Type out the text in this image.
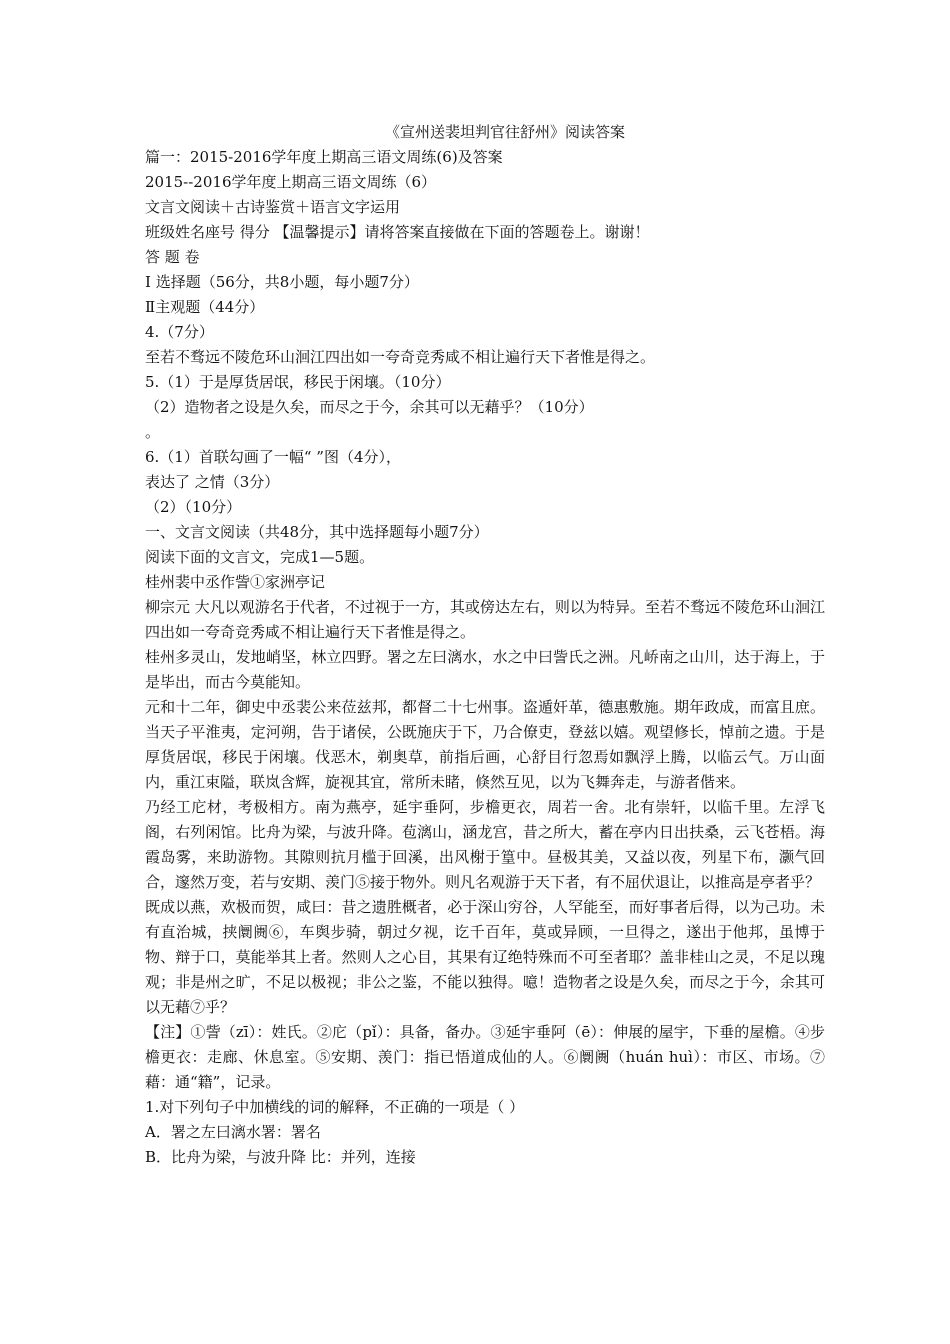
《宣州送裴坦判官往舒州》阅读答案
篇一：2015-2016学年度上期高三语文周练(6)及答案
2015--2016学年度上期高三语文周练（6）
文言文阅读＋古诗鉴赏＋语言文字运用
班级姓名座号 得分 【温馨提示】请将答案直接做在下面的答题卷上。谢谢！
答 题 卷
Ⅰ 选择题（56分，共8小题，每小题7分）
Ⅱ主观题（44分）
4.（7分）
至若不骛远不陵危环山洄江四出如一夸奇竞秀咸不相让遍行天下者惟是得之。
5.（1）于是厚货居氓，移民于闲壤。（10分）
（2）造物者之设是久矣，而尽之于今，余其可以无藉乎？（10分）
。
6.（1）首联勾画了一幅“ ”图（4分），
表达了 之情（3分）
（2）（10分）
一、文言文阅读（共48分，其中选择题每小题7分）
阅读下面的文言文，完成1—5题。
桂州裴中丞作訾①家洲亭记

柳宗元 大凡以观游名于代者，不过视于一方，其或傍达左右，则以为特异。至若不骛远不陵危环山洄江四出如一夸奇竞秀咸不相让遍行天下者惟是得之。

桂州多灵山，发地峭坚，林立四野。署之左曰漓水，水之中曰訾氏之洲。凡峤南之山川，达于海上，于是毕出，而古今莫能知。

元和十二年，御史中丞裴公来莅兹邦，都督二十七州事。盗遁奸革，德惠敷施。期年政成，而富且庶。当天子平淮夷，定河朔，告于诸侯，公既施庆于下，乃合僚吏，登兹以嬉。观望修长，悼前之遗。于是厚货居氓，移民于闲壤。伐恶木，剃奥草，前指后画，心舒目行忽焉如飘浮上腾，以临云气。万山面内，重江束隘，联岚含辉，旋视其宜，常所未睹，倏然互见，以为飞舞奔走，与游者偕来。

乃经工庀材，考极相方。南为燕亭，延宇垂阿，步檐更衣，周若一舍。北有崇轩，以临千里。左浮飞阁，右列闲馆。比舟为梁，与波升降。苞漓山，涵龙宫，昔之所大，蓄在亭内日出扶桑，云飞苍梧。海霞岛雾，来助游物。其隙则抗月槛于回溪，出风榭于篁中。昼极其美，又益以夜，列星下布，灏气回合，邃然万变，若与安期、羡门⑤接于物外。则凡名观游于天下者，有不屈伏退让，以推高是亭者乎？

既成以燕，欢极而贺，咸曰：昔之遗胜概者，必于深山穷谷，人罕能至，而好事者后得，以为己功。未有直治城，挟阛阓⑥，车舆步骑，朝过夕视，讫千百年，莫或异顾，一旦得之，遂出于他邦，虽博于物、辩于口，莫能举其上者。然则人之心目，其果有辽绝特殊而不可至者耶？盖非桂山之灵，不足以瑰观；非是州之旷，不足以极视；非公之鉴，不能以独得。噫！造物者之设是久矣，而尽之于今，余其可以无藉⑦乎？

【注】①訾（zī）：姓氏。②庀（pǐ）：具备，备办。③延宇垂阿（ē）：伸展的屋宇，下垂的屋檐。④步檐更衣：走廊、休息室。⑤安期、羡门：指已悟道成仙的人。⑥阛阓（huán huì）：市区、市场。⑦藉：通“籍”，记录。

1.对下列句子中加横线的词的解释，不正确的一项是（ ）
A．署之左曰漓水署：署名
B．比舟为梁，与波升降 比：并列，连接
